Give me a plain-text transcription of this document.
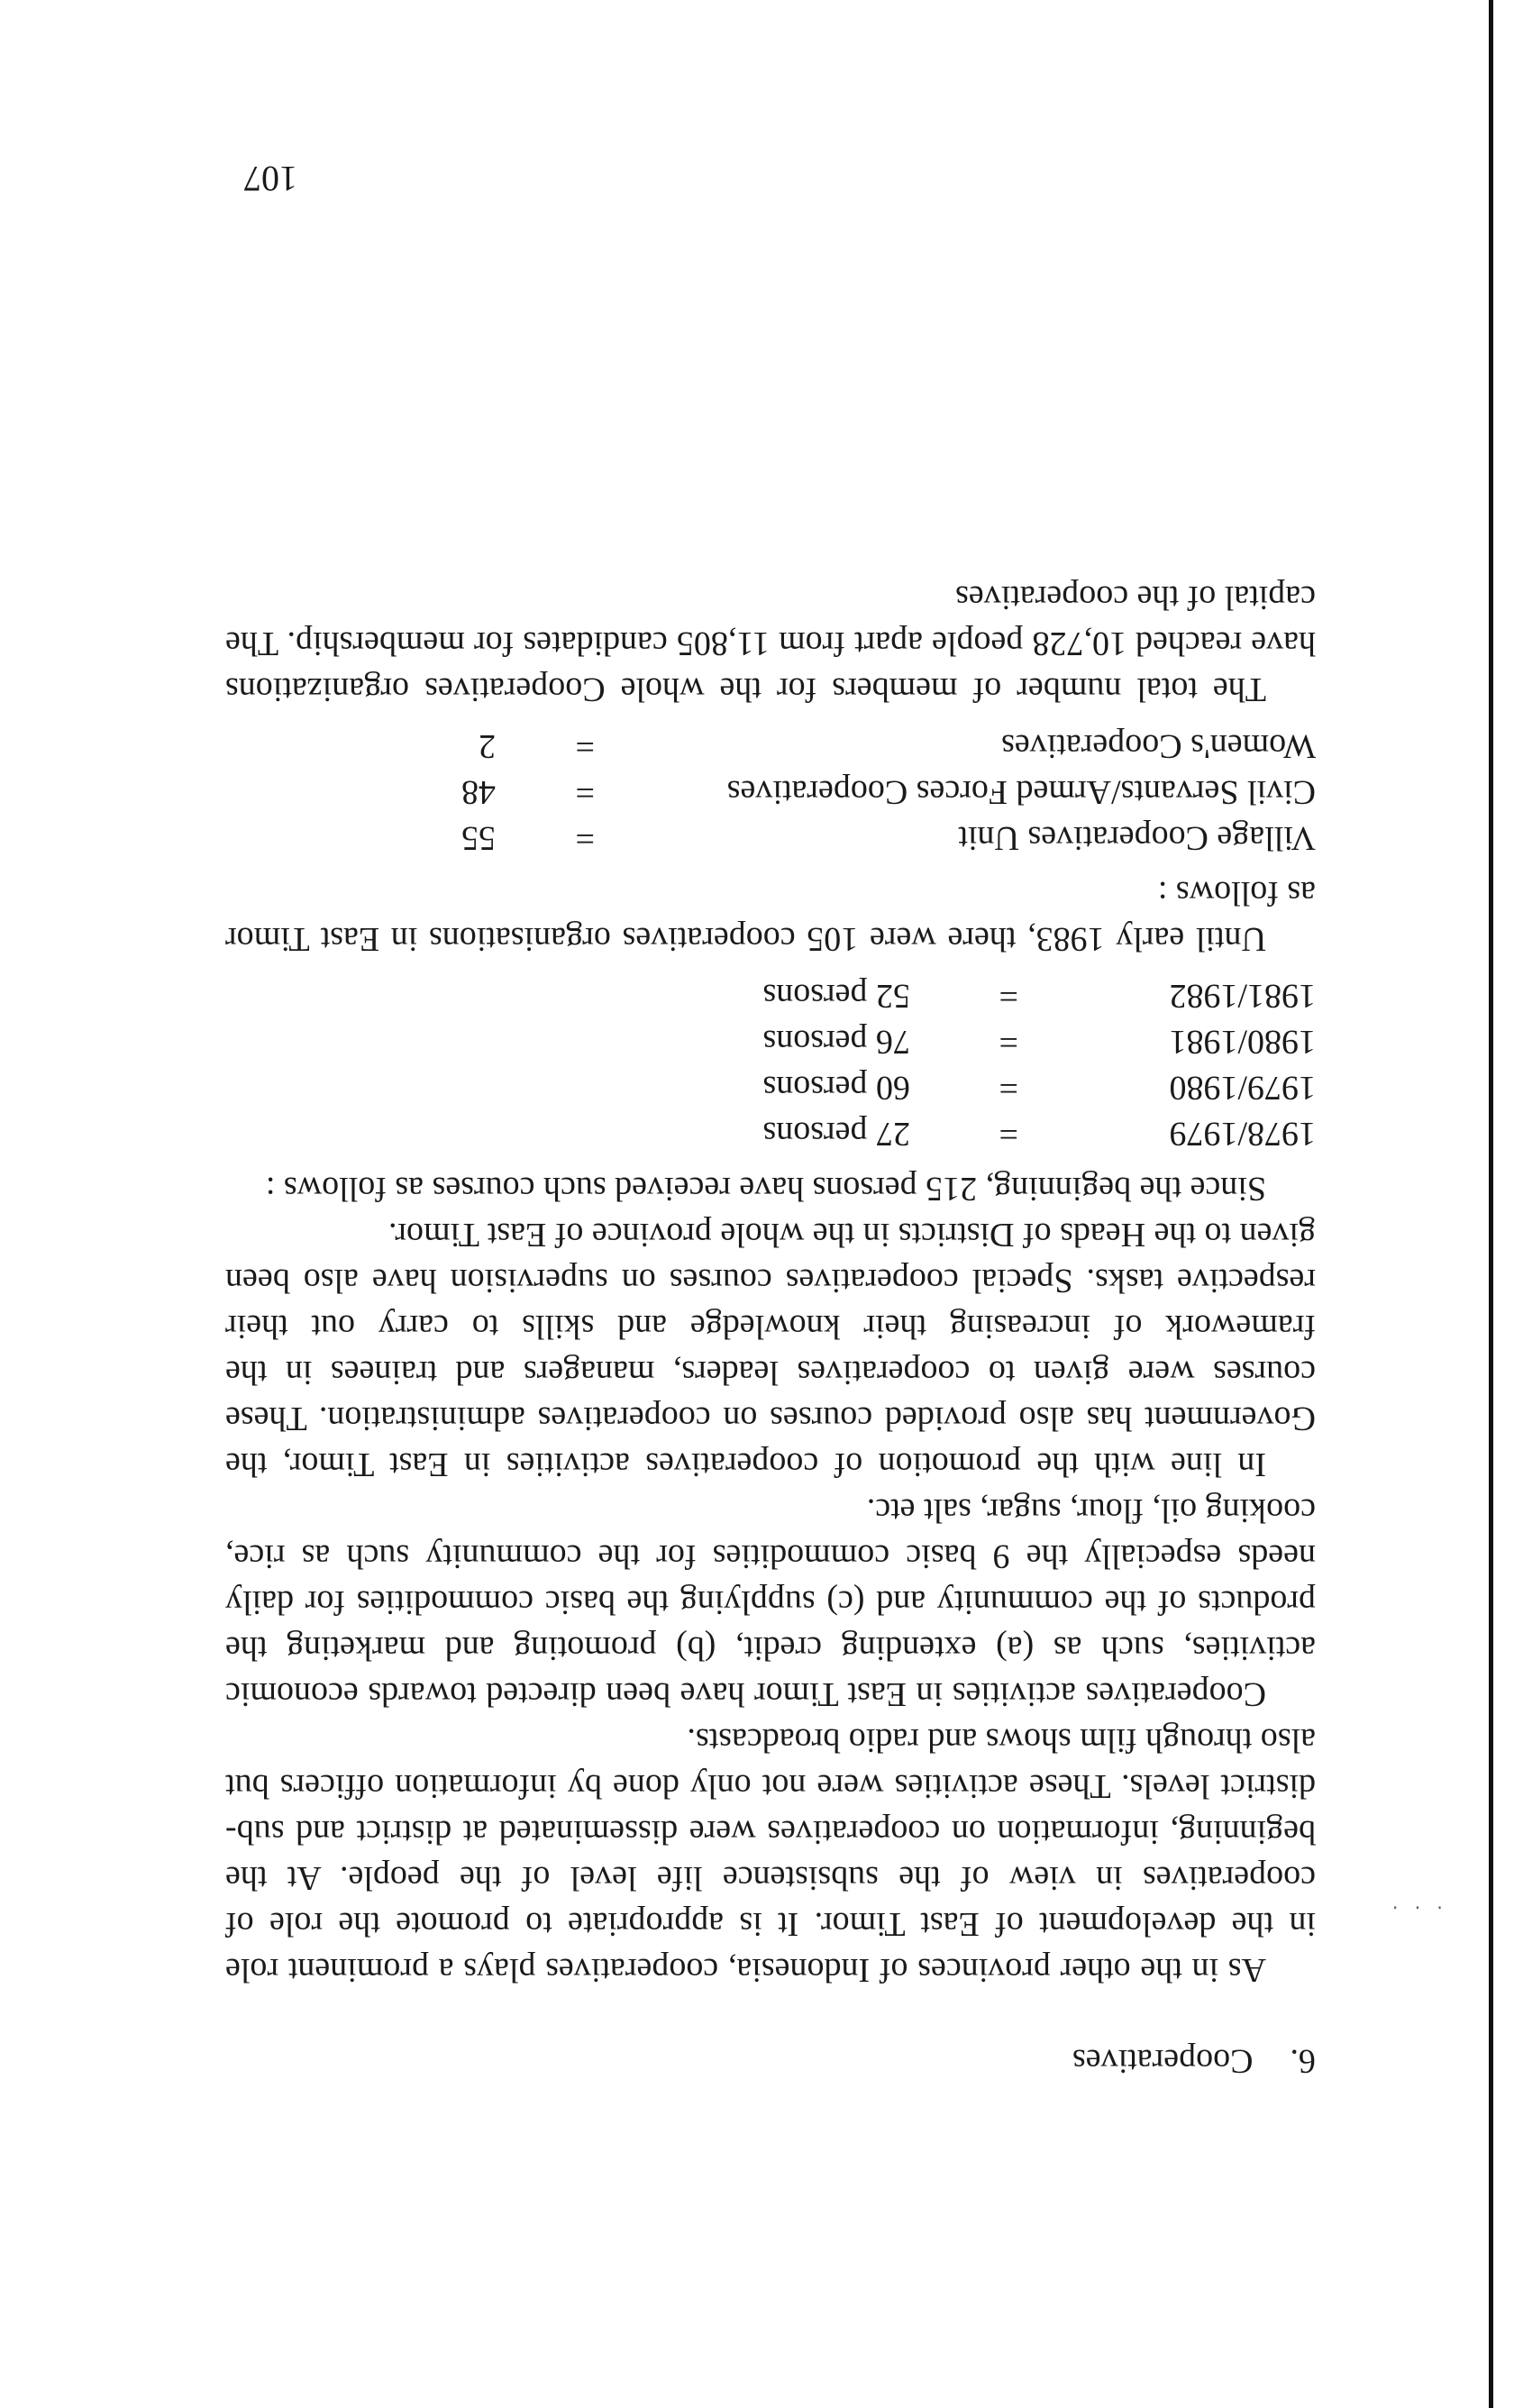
· · ·
6. Cooperatives

As in the other provinces of Indonesia, cooperatives plays a prominent role in the development of East Timor. It is appropriate to promote the role of cooperatives in view of the subsistence life level of the people. At the beginning, information on cooperatives were disseminated at district and sub-district levels. These activities were not only done by information officers but also through film shows and radio broadcasts.

Cooperatives activities in East Timor have been directed towards economic activities, such as (a) extending credit, (b) promoting and marketing the products of the community and (c) supplying the basic commodities for daily needs especially the 9 basic commodities for the community such as rice, cooking oil, flour, sugar, salt etc.

In line with the promotion of cooperatives activities in East Timor, the Government has also provided courses on cooperatives administration. These courses were given to cooperatives leaders, managers and trainees in the framework of increasing their knowledge and skills to carry out their respective tasks. Special cooperatives courses on supervision have also been given to the Heads of Districts in the whole province of East Timor.

Since the beginning, 215 persons have received such courses as follows :

1978/1979
=
27 persons
1979/1980
=
60 persons
1980/1981
=
76 persons
1981/1982
=
52 persons

Until early 1983, there were 105 cooperatives organisations in East Timor as follows :

Village Cooperatives Unit
=
55
Civil Servants/Armed Forces Cooperatives
=
48
Women's Cooperatives
=
2

The total number of members for the whole Cooperatives organizations have reached 10,728 people apart from 11,805 candidates for membership. The capital of the cooperatives

107
